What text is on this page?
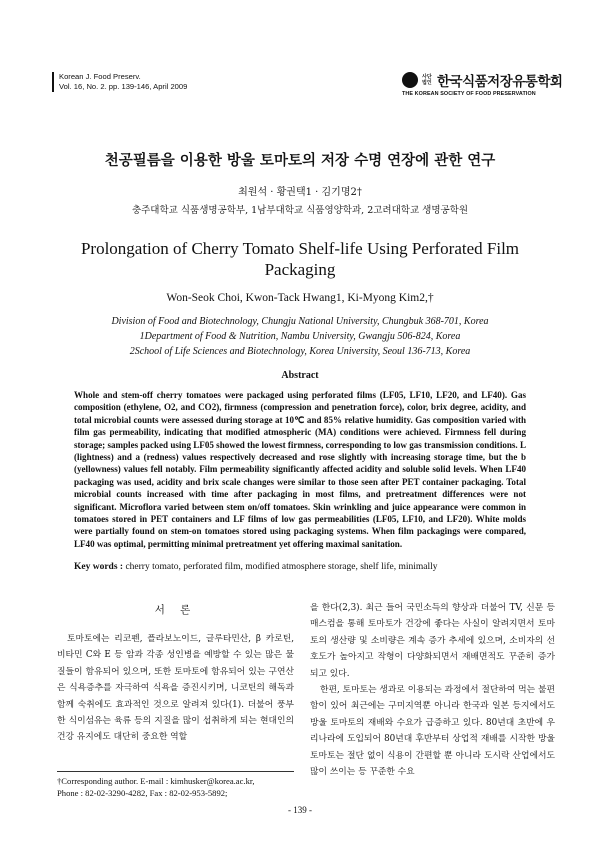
Korean J. Food Preserv.
Vol. 16, No. 2. pp. 139-146, April 2009
사단법인 한국식품저장유통학회
THE KOREAN SOCIETY OF FOOD PRESERVATION
천공필름을 이용한 방울 토마토의 저장 수명 연장에 관한 연구
최원석 · 황권택1 · 김기명2†
충주대학교 식품생명공학부, 1남부대학교 식품영양학과, 2고려대학교 생명공학원
Prolongation of Cherry Tomato Shelf-life Using Perforated Film Packaging
Won-Seok Choi, Kwon-Tack Hwang1, Ki-Myong Kim2,†
Division of Food and Biotechnology, Chungju National University, Chungbuk 368-701, Korea
1Department of Food & Nutrition, Nambu University, Gwangju 506-824, Korea
2School of Life Sciences and Biotechnology, Korea University, Seoul 136-713, Korea
Abstract
Whole and stem-off cherry tomatoes were packaged using perforated films (LF05, LF10, LF20, and LF40). Gas composition (ethylene, O2, and CO2), firmness (compression and penetration force), color, brix degree, acidity, and total microbial counts were assessed during storage at 10℃ and 85% relative humidity. Gas composition varied with film gas permeability, indicating that modified atmospheric (MA) conditions were achieved. Firmness fell during storage; samples packed using LF05 showed the lowest firmness, corresponding to low gas transmission conditions. L (lightness) and a (redness) values respectively decreased and rose slightly with increasing storage time, but the b (yellowness) values fell notably. Film permeability significantly affected acidity and soluble solid levels. When LF40 packaging was used, acidity and brix scale changes were similar to those seen after PET container packaging. Total microbial counts increased with time after packaging in most films, and pretreatment differences were not significant. Microflora varied between stem on/off tomatoes. Skin wrinkling and juice appearance were common in tomatoes stored in PET containers and LF films of low gas permeabilities (LF05, LF10, and LF20). White molds were partially found on stem-on tomatoes stored using packaging systems. When film packagings were compared, LF40 was optimal, permitting minimal pretreatment yet offering maximal sanitation.
Key words : cherry tomato, perforated film, modified atmosphere storage, shelf life, minimally
서 론
토마토에는 리코펜, 플라보노이드, 글루타민산, β 카로틴, 비타민 C와 E 등 암과 각종 성인병을 예방할 수 있는 많은 물질들이 함유되어 있으며, 또한 토마토에 함유되어 있는 구연산은 식욕증추를 자극하여 식욕을 증진시키며, 니코틴의 해독과 함께 숙취에도 효과적인 것으로 알려져 있다(1). 더불어 풍부한 식이섬유는 육류 등의 지질을 많이 섭취하게 되는 현대인의 건강 유지에도 대단히 중요한 역할

을 한다(2,3). 최근 들어 국민소득의 향상과 더불어 TV, 신문 등 매스컴을 통해 토마토가 건강에 좋다는 사실이 알려지면서 토마토의 생산량 및 소비량은 계속 증가 추세에 있으며, 소비자의 선호도가 높아지고 작형이 다양화되면서 재배면적도 꾸준히 증가되고 있다.

한편, 토마토는 생과로 이용되는 과정에서 절단하여 먹는 불편함이 있어 최근에는 구미지역뿐 아니라 한국과 일본 등지에서도 방울 토마토의 재배와 수요가 급증하고 있다. 80년대 초반에 우리나라에 도입되어 80년대 후반부터 상업적 재배를 시작한 방울토마토는 절단 없이 식용이 간편할 뿐 아니라 도시락 산업에서도 많이 쓰이는 등 꾸준한 수요

†Corresponding author. E-mail : kimhusker@korea.ac.kr,
Phone : 82-02-3290-4282, Fax : 82-02-953-5892;
- 139 -
